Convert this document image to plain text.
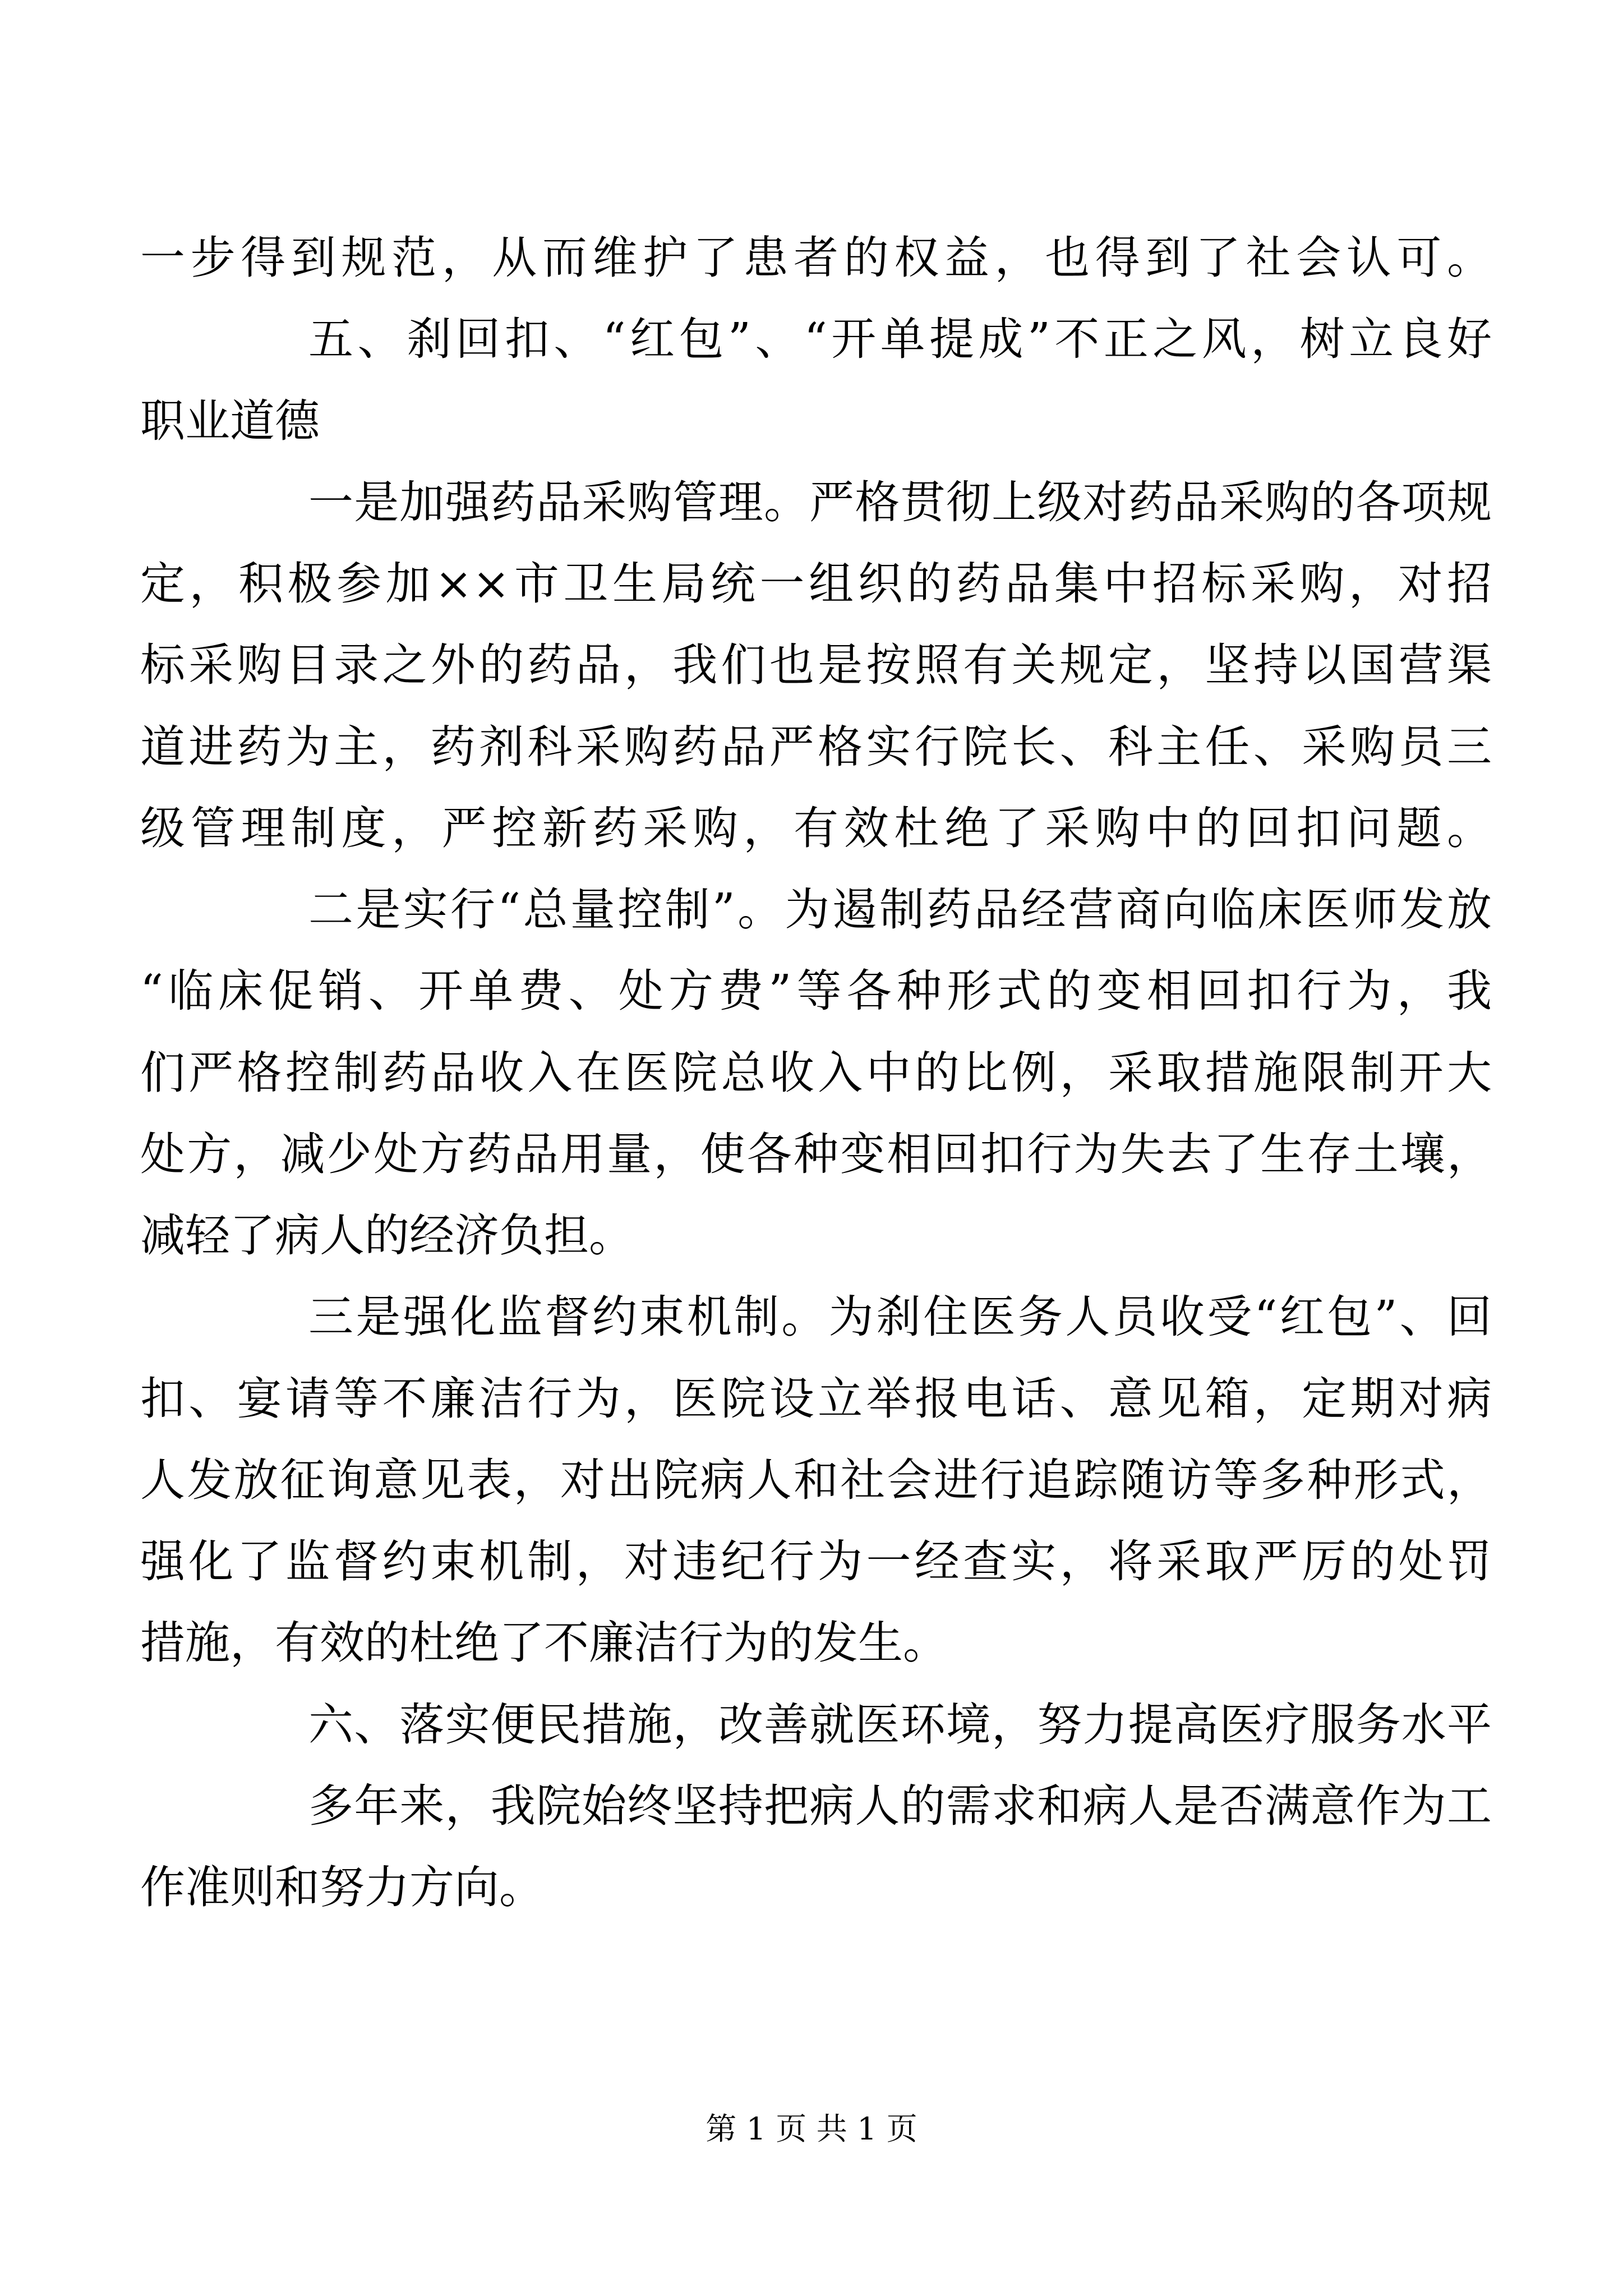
一步得到规范，从而维护了患者的权益，也得到了社会认可。
五、刹回扣、“红包”、“开单提成”不正之风，树立良好
职业道德
一是加强药品采购管理。严格贯彻上级对药品采购的各项规
定，积极参加××市卫生局统一组织的药品集中招标采购，对招
标采购目录之外的药品，我们也是按照有关规定，坚持以国营渠
道进药为主，药剂科采购药品严格实行院长、科主任、采购员三
级管理制度，严控新药采购，有效杜绝了采购中的回扣问题。
二是实行“总量控制”。为遏制药品经营商向临床医师发放
“临床促销、开单费、处方费”等各种形式的变相回扣行为，我
们严格控制药品收入在医院总收入中的比例，采取措施限制开大
处方，减少处方药品用量，使各种变相回扣行为失去了生存土壤，
减轻了病人的经济负担。
三是强化监督约束机制。为刹住医务人员收受“红包”、回
扣、宴请等不廉洁行为，医院设立举报电话、意见箱，定期对病
人发放征询意见表，对出院病人和社会进行追踪随访等多种形式，
强化了监督约束机制，对违纪行为一经查实，将采取严厉的处罚
措施，有效的杜绝了不廉洁行为的发生。
六、落实便民措施，改善就医环境，努力提高医疗服务水平
多年来，我院始终坚持把病人的需求和病人是否满意作为工
作准则和努力方向。
第 1 页 共 1 页
